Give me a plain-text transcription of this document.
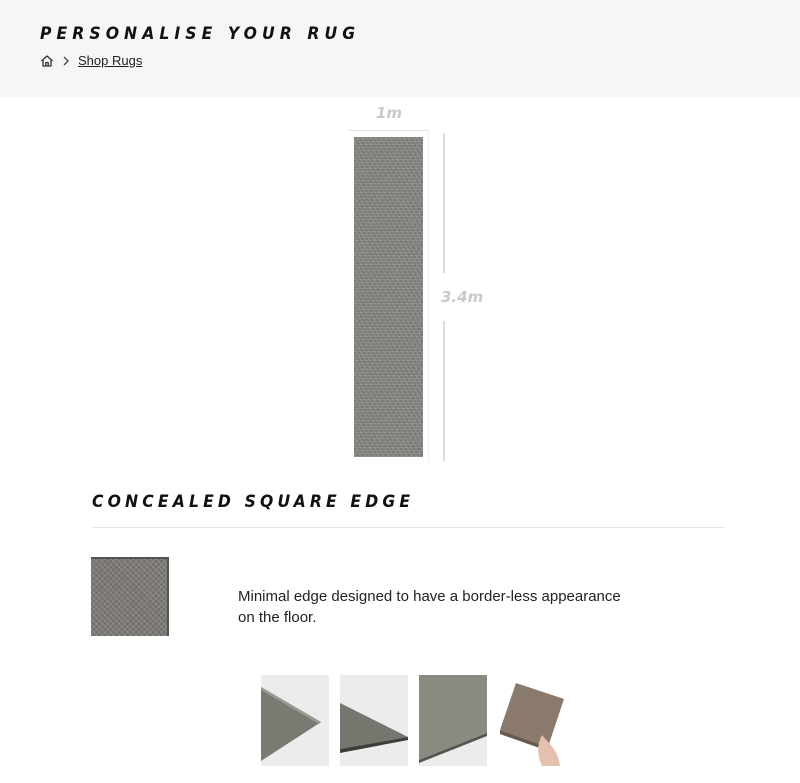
PERSONALISE YOUR RUG
Shop Rugs
1m
3.4m
CONCEALED SQUARE EDGE

Minimal edge designed to have a border-less appearance on the floor.
